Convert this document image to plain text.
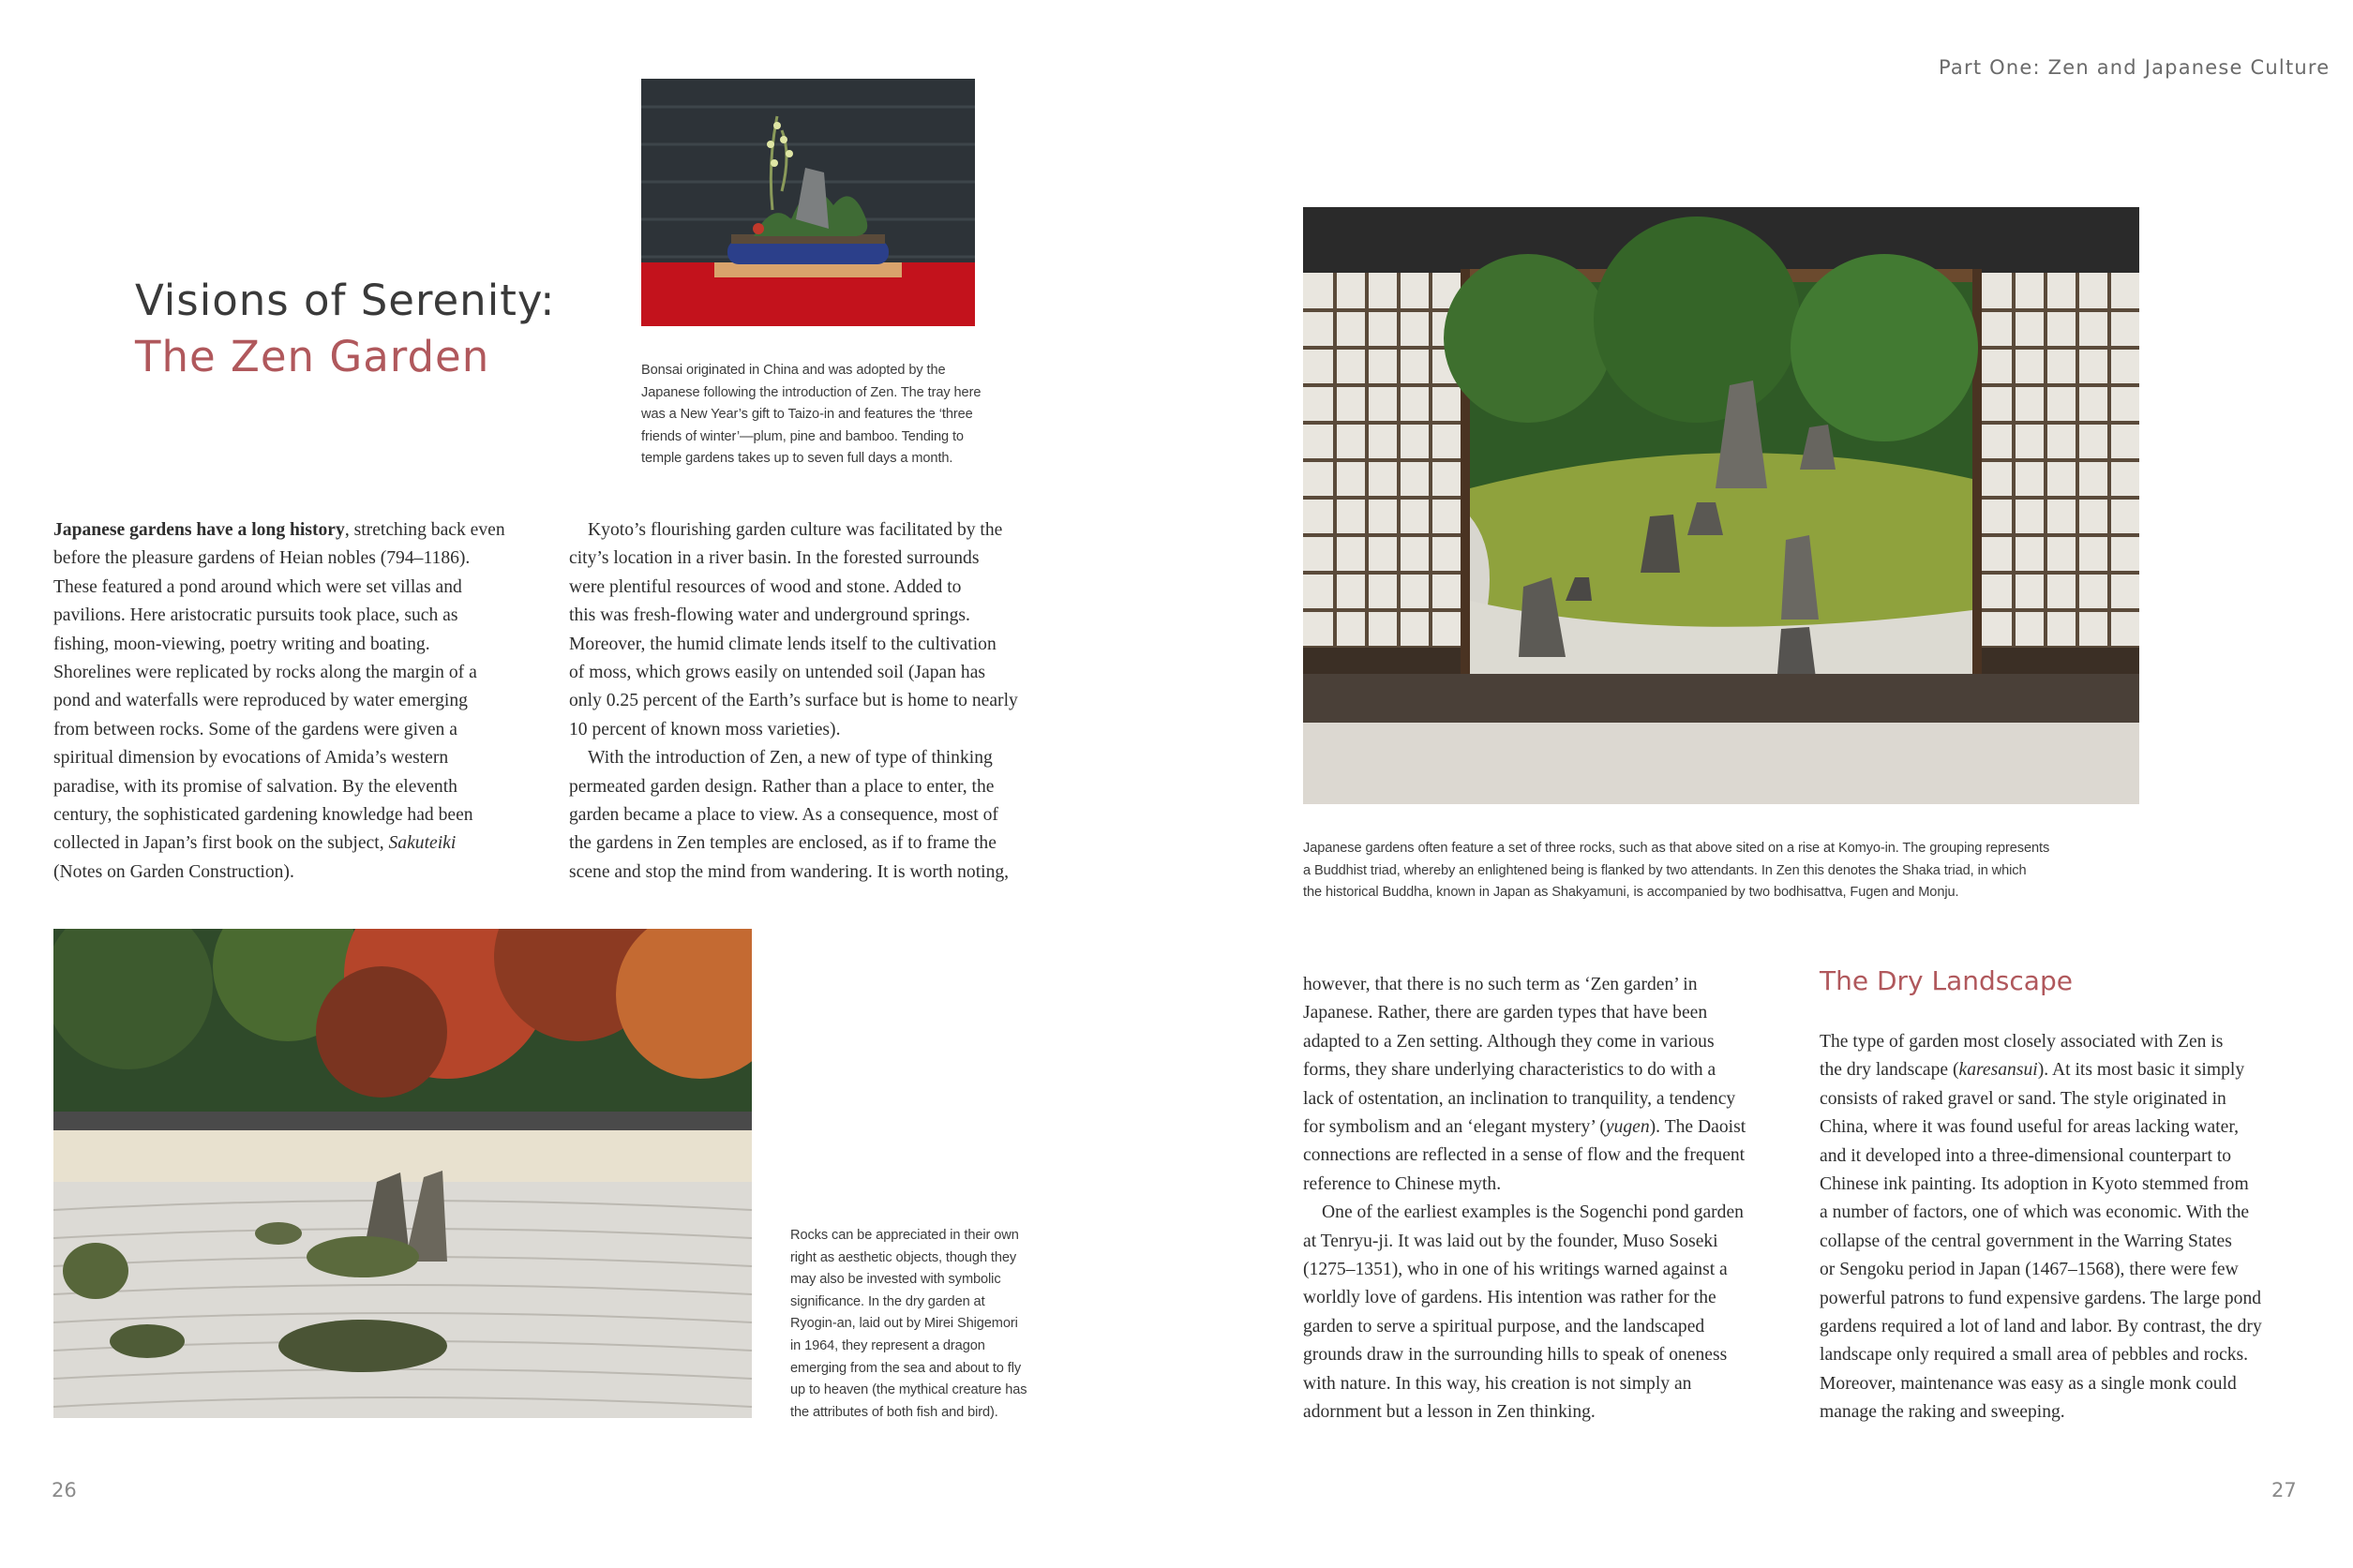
Part One: Zen and Japanese Culture
Visions of Serenity:
The Zen Garden	Bonsai originated in China and was adopted by the
Japanese following the introduction of Zen. The tray here
was a New Year’s gift to Taizo-in and features the ‘three
friends of winter’—plum, pine and bamboo. Tending to
temple gardens takes up to seven full days a month.
Japanese gardens have a long history, stretching back even
before the pleasure gardens of Heian nobles (794–1186).
These featured a pond around which were set villas and
pavilions. Here aristocratic pursuits took place, such as
fishing, moon-viewing, poetry writing and boating.
Shorelines were replicated by rocks along the margin of a
pond and waterfalls were reproduced by water emerging
from between rocks. Some of the gardens were given a
spiritual dimension by evocations of Amida’s western
paradise, with its promise of salvation. By the eleventh
century, the sophisticated gardening knowledge had been
collected in Japan’s first book on the subject, Sakuteiki
(Notes on Garden Construction).
Kyoto’s flourishing garden culture was facilitated by the
city’s location in a river basin. In the forested surrounds
were plentiful resources of wood and stone. Added to
this was fresh-flowing water and underground springs.
Moreover, the humid climate lends itself to the cultivation
of moss, which grows easily on untended soil (Japan has
only 0.25 percent of the Earth’s surface but is home to nearly
10 percent of known moss varieties).
With the introduction of Zen, a new of type of thinking
permeated garden design. Rather than a place to enter, the
garden became a place to view. As a consequence, most of
the gardens in Zen temples are enclosed, as if to frame the
scene and stop the mind from wandering. It is worth noting,
Rocks can be appreciated in their own
right as aesthetic objects, though they
may also be invested with symbolic
significance. In the dry garden at
Ryogin-an, laid out by Mirei Shigemori
in 1964, they represent a dragon
emerging from the sea and about to fly
up to heaven (the mythical creature has
the attributes of both fish and bird).
26	27
Japanese gardens often feature a set of three rocks, such as that above sited on a rise at Komyo-in. The grouping represents
a Buddhist triad, whereby an enlightened being is flanked by two attendants. In Zen this denotes the Shaka triad, in which
the historical Buddha, known in Japan as Shakyamuni, is accompanied by two bodhisattva, Fugen and Monju.
however, that there is no such term as ‘Zen garden’ in
Japanese. Rather, there are garden types that have been
adapted to a Zen setting. Although they come in various
forms, they share underlying characteristics to do with a
lack of ostentation, an inclination to tranquility, a tendency
for symbolism and an ‘elegant mystery’ (yugen). The Daoist
connections are reflected in a sense of flow and the frequent
reference to Chinese myth.
One of the earliest examples is the Sogenchi pond garden
at Tenryu-ji. It was laid out by the founder, Muso Soseki
(1275–1351), who in one of his writings warned against a
worldly love of gardens. His intention was rather for the
garden to serve a spiritual purpose, and the landscaped
grounds draw in the surrounding hills to speak of oneness
with nature. In this way, his creation is not simply an
adornment but a lesson in Zen thinking.
The Dry Landscape
The type of garden most closely associated with Zen is
the dry landscape (karesansui). At its most basic it simply
consists of raked gravel or sand. The style originated in
China, where it was found useful for areas lacking water,
and it developed into a three-dimensional counterpart to
Chinese ink painting. Its adoption in Kyoto stemmed from
a number of factors, one of which was economic. With the
collapse of the central government in the Warring States
or Sengoku period in Japan (1467–1568), there were few
powerful patrons to fund expensive gardens. The large pond
gardens required a lot of land and labor. By contrast, the dry
landscape only required a small area of pebbles and rocks.
Moreover, maintenance was easy as a single monk could
manage the raking and sweeping.
